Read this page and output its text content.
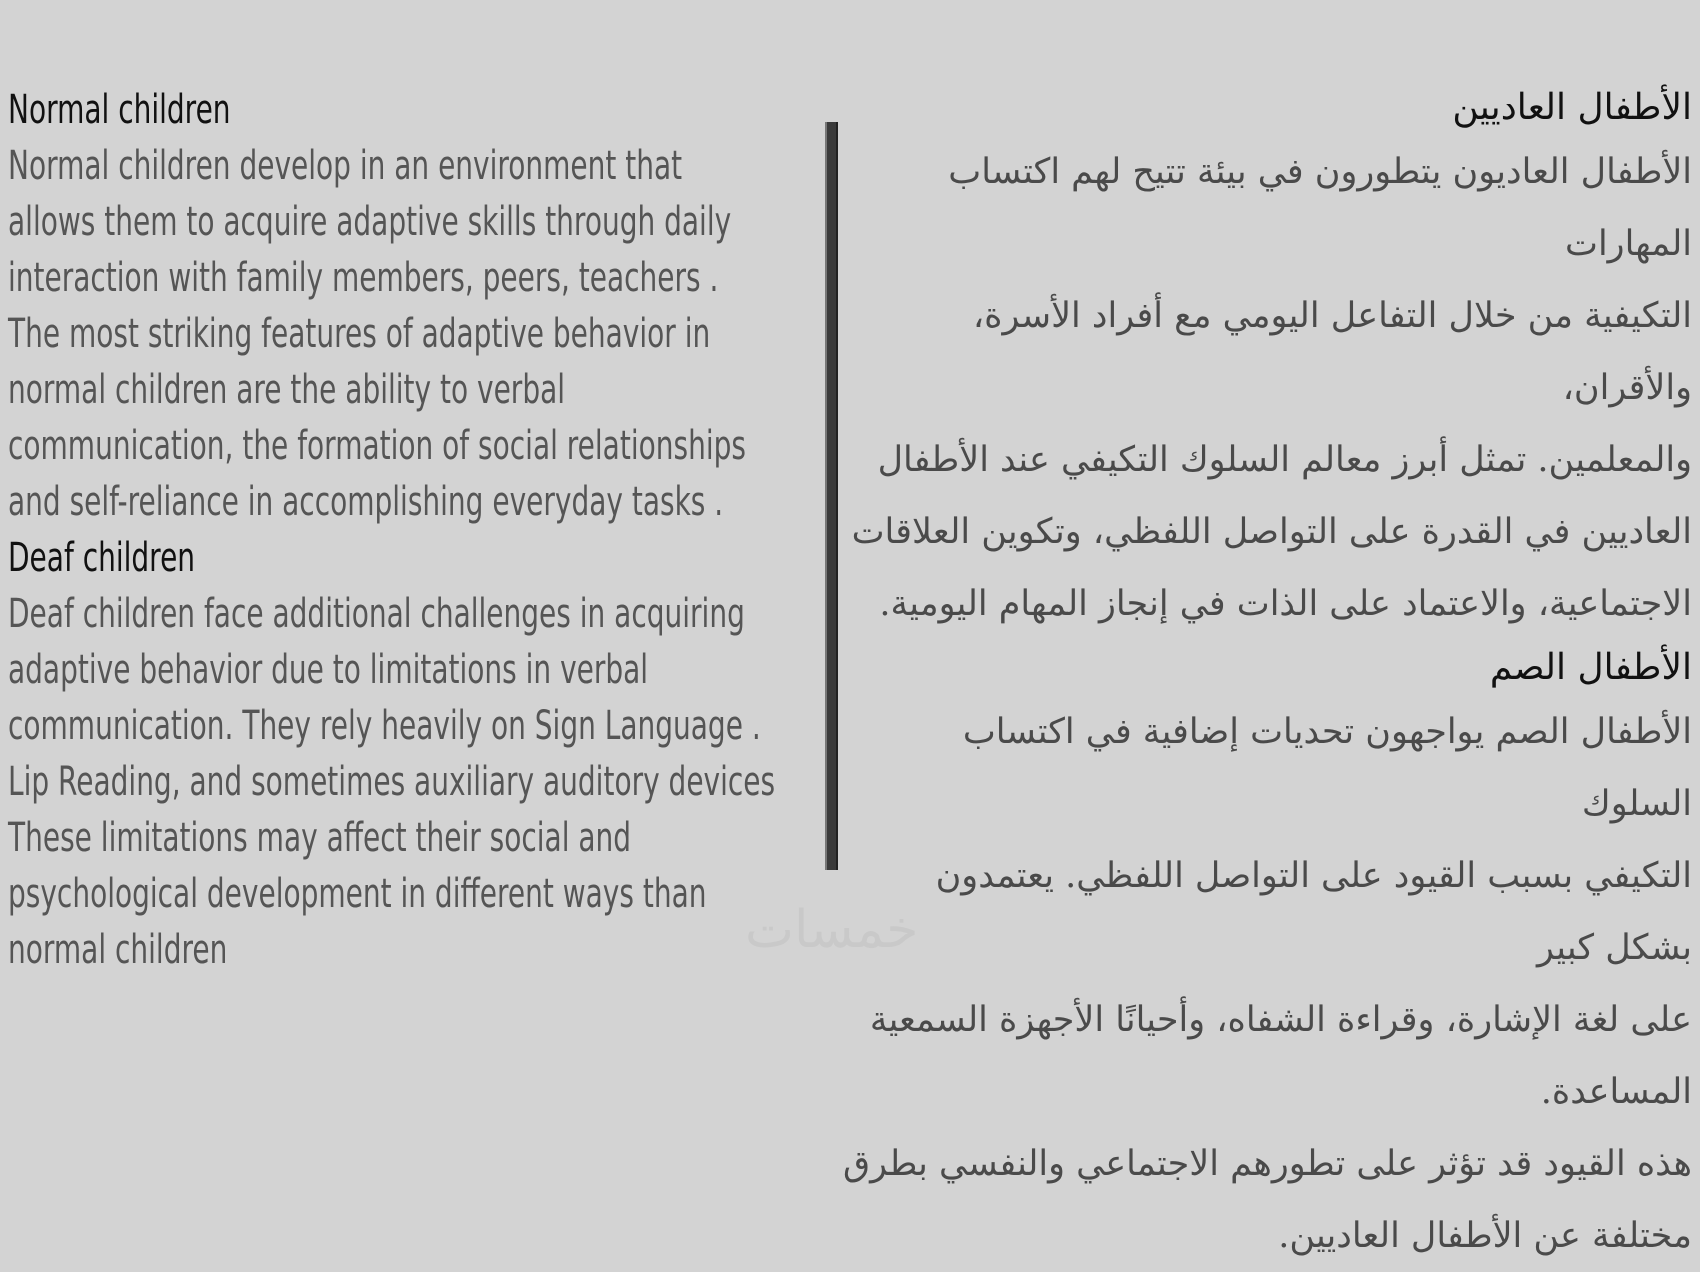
Normal children
Normal children develop in an environment that
allows them to acquire adaptive skills through daily
interaction with family members, peers, teachers .
The most striking features of adaptive behavior in
normal children are the ability to verbal
communication, the formation of social relationships
and self-reliance in accomplishing everyday tasks .
Deaf children
Deaf children face additional challenges in acquiring
adaptive behavior due to limitations in verbal
communication. They rely heavily on Sign Language .
Lip Reading, and sometimes auxiliary auditory devices
These limitations may affect their social and
psychological development in different ways than
normal children
الأطفال العاديين
الأطفال العاديون يتطورون في بيئة تتيح لهم اكتساب المهارات
التكيفية من خلال التفاعل اليومي مع أفراد الأسرة، والأقران،
والمعلمين. تمثل أبرز معالم السلوك التكيفي عند الأطفال
العاديين في القدرة على التواصل اللفظي، وتكوين العلاقات
الاجتماعية، والاعتماد على الذات في إنجاز المهام اليومية.
الأطفال الصم
الأطفال الصم يواجهون تحديات إضافية في اكتساب السلوك
التكيفي بسبب القيود على التواصل اللفظي. يعتمدون بشكل كبير
على لغة الإشارة، وقراءة الشفاه، وأحيانًا الأجهزة السمعية المساعدة.
هذه القيود قد تؤثر على تطورهم الاجتماعي والنفسي بطرق
مختلفة عن الأطفال العاديين.
خمسات
